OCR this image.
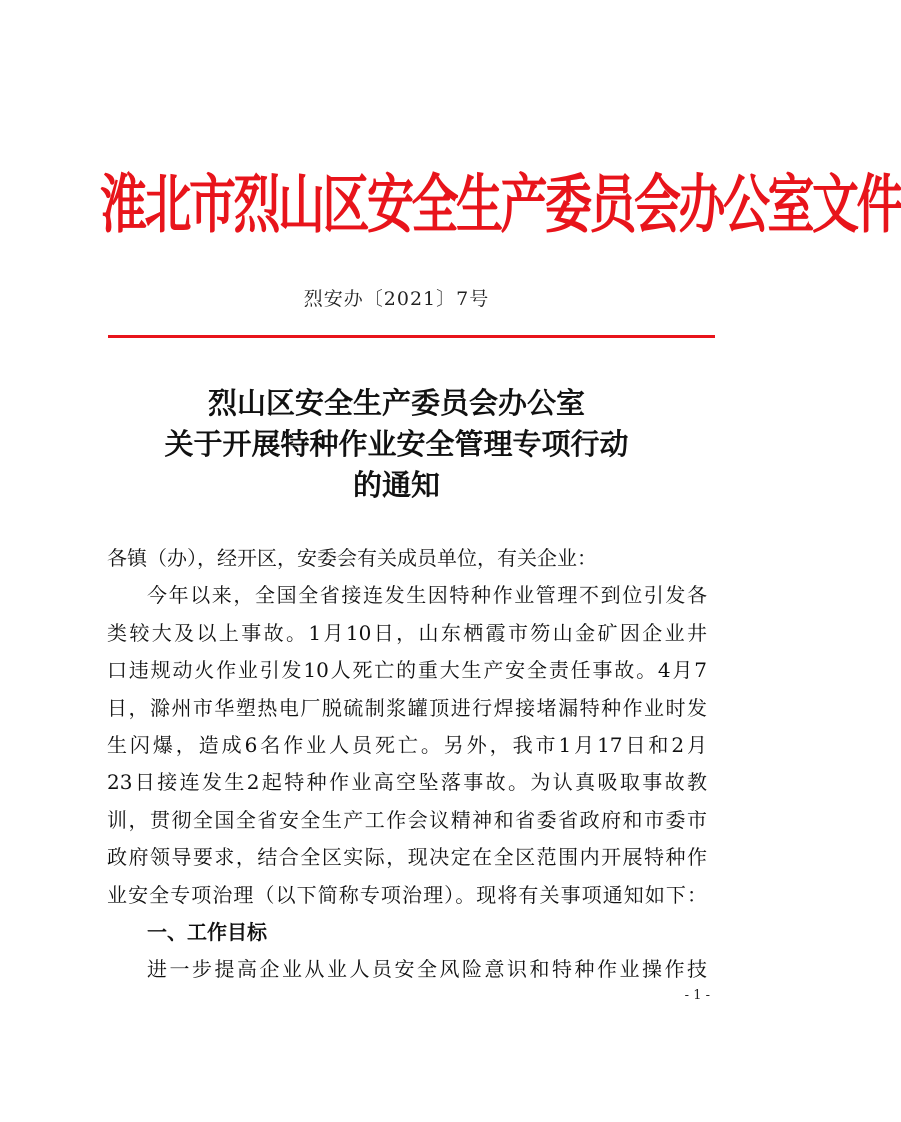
淮北市烈山区安全生产委员会办公室文件
烈安办〔2021〕7号
烈山区安全生产委员会办公室
关于开展特种作业安全管理专项行动
的通知

各镇（办），经开区，安委会有关成员单位，有关企业：

今年以来，全国全省接连发生因特种作业管理不到位引发各

类较大及以上事故。1月10日，山东栖霞市笏山金矿因企业井

口违规动火作业引发10人死亡的重大生产安全责任事故。4月7

日，滁州市华塑热电厂脱硫制浆罐顶进行焊接堵漏特种作业时发

生闪爆，造成6名作业人员死亡。另外，我市1月17日和2月

23日接连发生2起特种作业高空坠落事故。为认真吸取事故教

训，贯彻全国全省安全生产工作会议精神和省委省政府和市委市

政府领导要求，结合全区实际，现决定在全区范围内开展特种作

业安全专项治理（以下简称专项治理）。现将有关事项通知如下：

一、工作目标

进一步提高企业从业人员安全风险意识和特种作业操作技

- 1 -
